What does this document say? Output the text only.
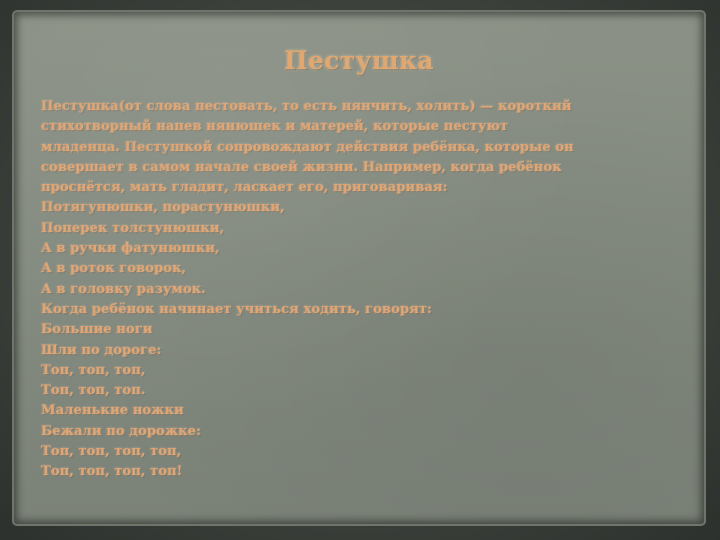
Пестушка
Пестушка(от слова пестовать, то есть нянчить, холить) — короткий
стихотворный напев нянюшек и матерей, которые пестуют
младенца. Пестушкой сопровождают действия ребёнка, которые он
совершает в самом начале своей жизни. Например, когда ребёнок
проснётся, мать гладит, ласкает его, приговаривая:
Потягунюшки, порастунюшки,
Поперек толстунюшки,
А в ручки фатунюшки,
А в роток говорок,
А в головку разумок.
Когда ребёнок начинает учиться ходить, говорят:
Большие ноги
Шли по дороге:
Топ, топ, топ,
Топ, топ, топ.
Маленькие ножки
Бежали по дорожке:
Топ, топ, топ, топ,
Топ, топ, топ, топ!
